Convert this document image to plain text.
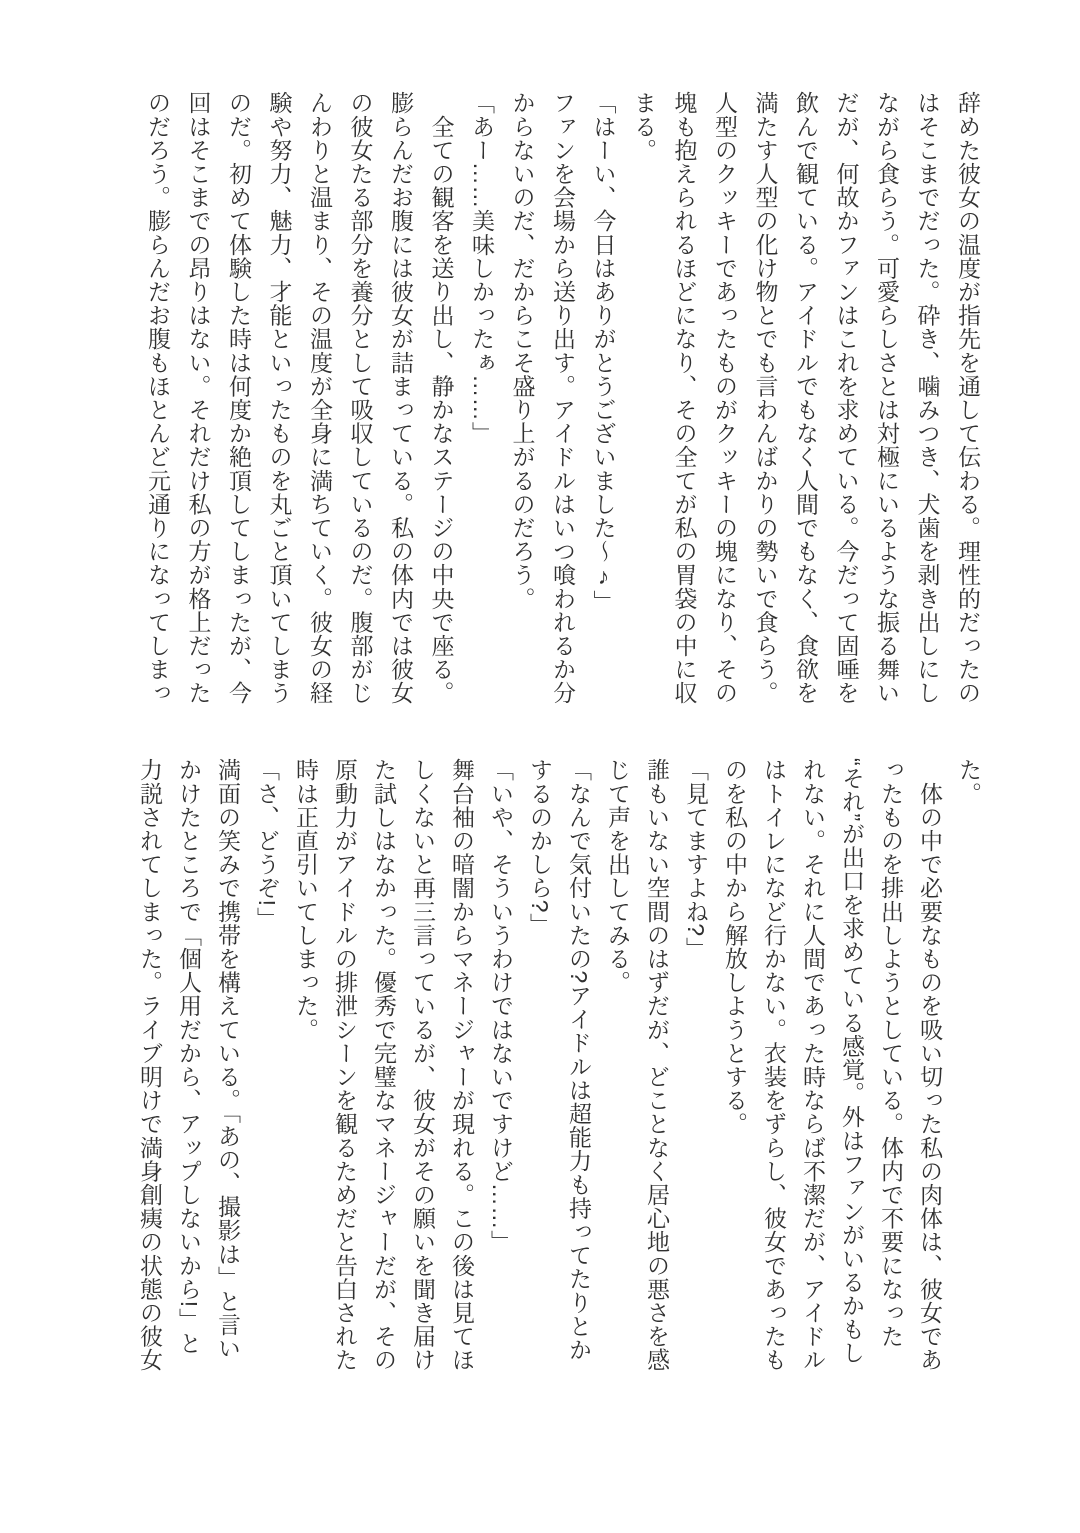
辞めた彼女の温度が指先を通して伝わる。理性的だったのはそこまでだった。砕き、噛みつき、犬歯を剥き出しにしながら食らう。可愛らしさとは対極にいるような振る舞いだが、何故かファンはこれを求めている。今だって固唾を飲んで観ている。アイドルでもなく人間でもなく、食欲を満たす人型の化け物とでも言わんばかりの勢いで食らう。人型のクッキーであったものがクッキーの塊になり、その塊も抱えられるほどになり、その全てが私の胃袋の中に収まる。

「はーい、今日はありがとうございました〜♪」

ファンを会場から送り出す。アイドルはいつ喰われるか分からないのだ、だからこそ盛り上がるのだろう。

「あー……美味しかったぁ……」

　全ての観客を送り出し、静かなステージの中央で座る。膨らんだお腹には彼女が詰まっている。私の体内では彼女の彼女たる部分を養分として吸収しているのだ。腹部がじんわりと温まり、その温度が全身に満ちていく。彼女の経験や努力、魅力、才能といったものを丸ごと頂いてしまうのだ。初めて体験した時は何度か絶頂してしまったが、今回はそこまでの昂りはない。それだけ私の方が格上だったのだろう。膨らんだお腹もほとんど元通りになってしまっ

た。

　体の中で必要なものを吸い切った私の肉体は、彼女であったものを排出しようとしている。体内で不要になった“それ”が出口を求めている感覚。外はファンがいるかもしれない。それに人間であった時ならば不潔だが、アイドルはトイレになど行かない。衣装をずらし、彼女であったものを私の中から解放しようとする。

「見てますよね?」

誰もいない空間のはずだが、どことなく居心地の悪さを感じて声を出してみる。

「なんで気付いたの?アイドルは超能力も持ってたりとかするのかしら?」

「いや、そういうわけではないですけど……」

舞台袖の暗闇からマネージャーが現れる。この後は見てほしくないと再三言っているが、彼女がその願いを聞き届けた試しはなかった。優秀で完璧なマネージャーだが、その原動力がアイドルの排泄シーンを観るためだと告白された時は正直引いてしまった。

「さ、どうぞ!」

満面の笑みで携帯を構えている。「あの、撮影は」と言いかけたところで「個人用だから、アップしないから!」と力説されてしまった。ライブ明けで満身創痍の状態の彼女
